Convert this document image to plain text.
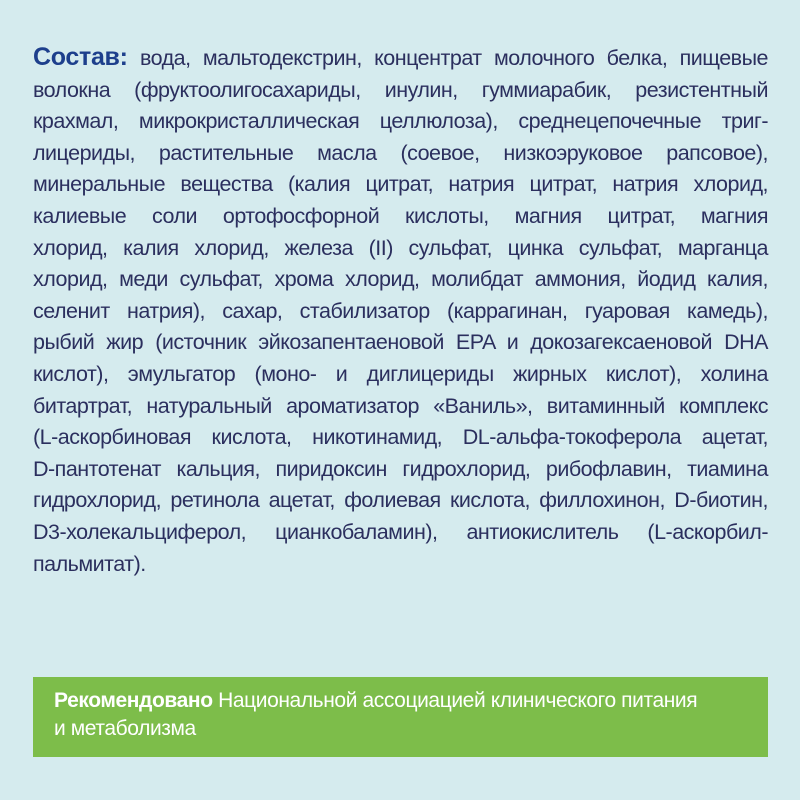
Состав: вода, мальтодекстрин, концентрат молочного белка, пищевые
волокна (фруктоолигосахариды, инулин, гуммиарабик, резистентный
крахмал, микрокристаллическая целлюлоза), среднецепочечные триг-
лицериды, растительные масла (соевое, низкоэруковое рапсовое),
минеральные вещества (калия цитрат, натрия цитрат, натрия хлорид,
калиевые соли ортофосфорной кислоты, магния цитрат, магния
хлорид, калия хлорид, железа (II) сульфат, цинка сульфат, марганца
хлорид, меди сульфат, хрома хлорид, молибдат аммония, йодид калия,
селенит натрия), сахар, стабилизатор (каррагинан, гуаровая камедь),
рыбий жир (источник эйкозапентаеновой EPA и докозагексаеновой DHA
кислот), эмульгатор (моно- и диглицериды жирных кислот), холина
битартрат, натуральный ароматизатор «Ваниль», витаминный комплекс
(L-аскорбиновая кислота, никотинамид, DL-альфа-токоферола ацетат,
D-пантотенат кальция, пиридоксин гидрохлорид, рибофлавин, тиамина
гидрохлорид, ретинола ацетат, фолиевая кислота, филлохинон, D-биотин,
D3-холекальциферол, цианкобаламин), антиокислитель (L-аскорбил-
пальмитат).
Рекомендовано Национальной ассоциацией клинического питания
и метаболизма
